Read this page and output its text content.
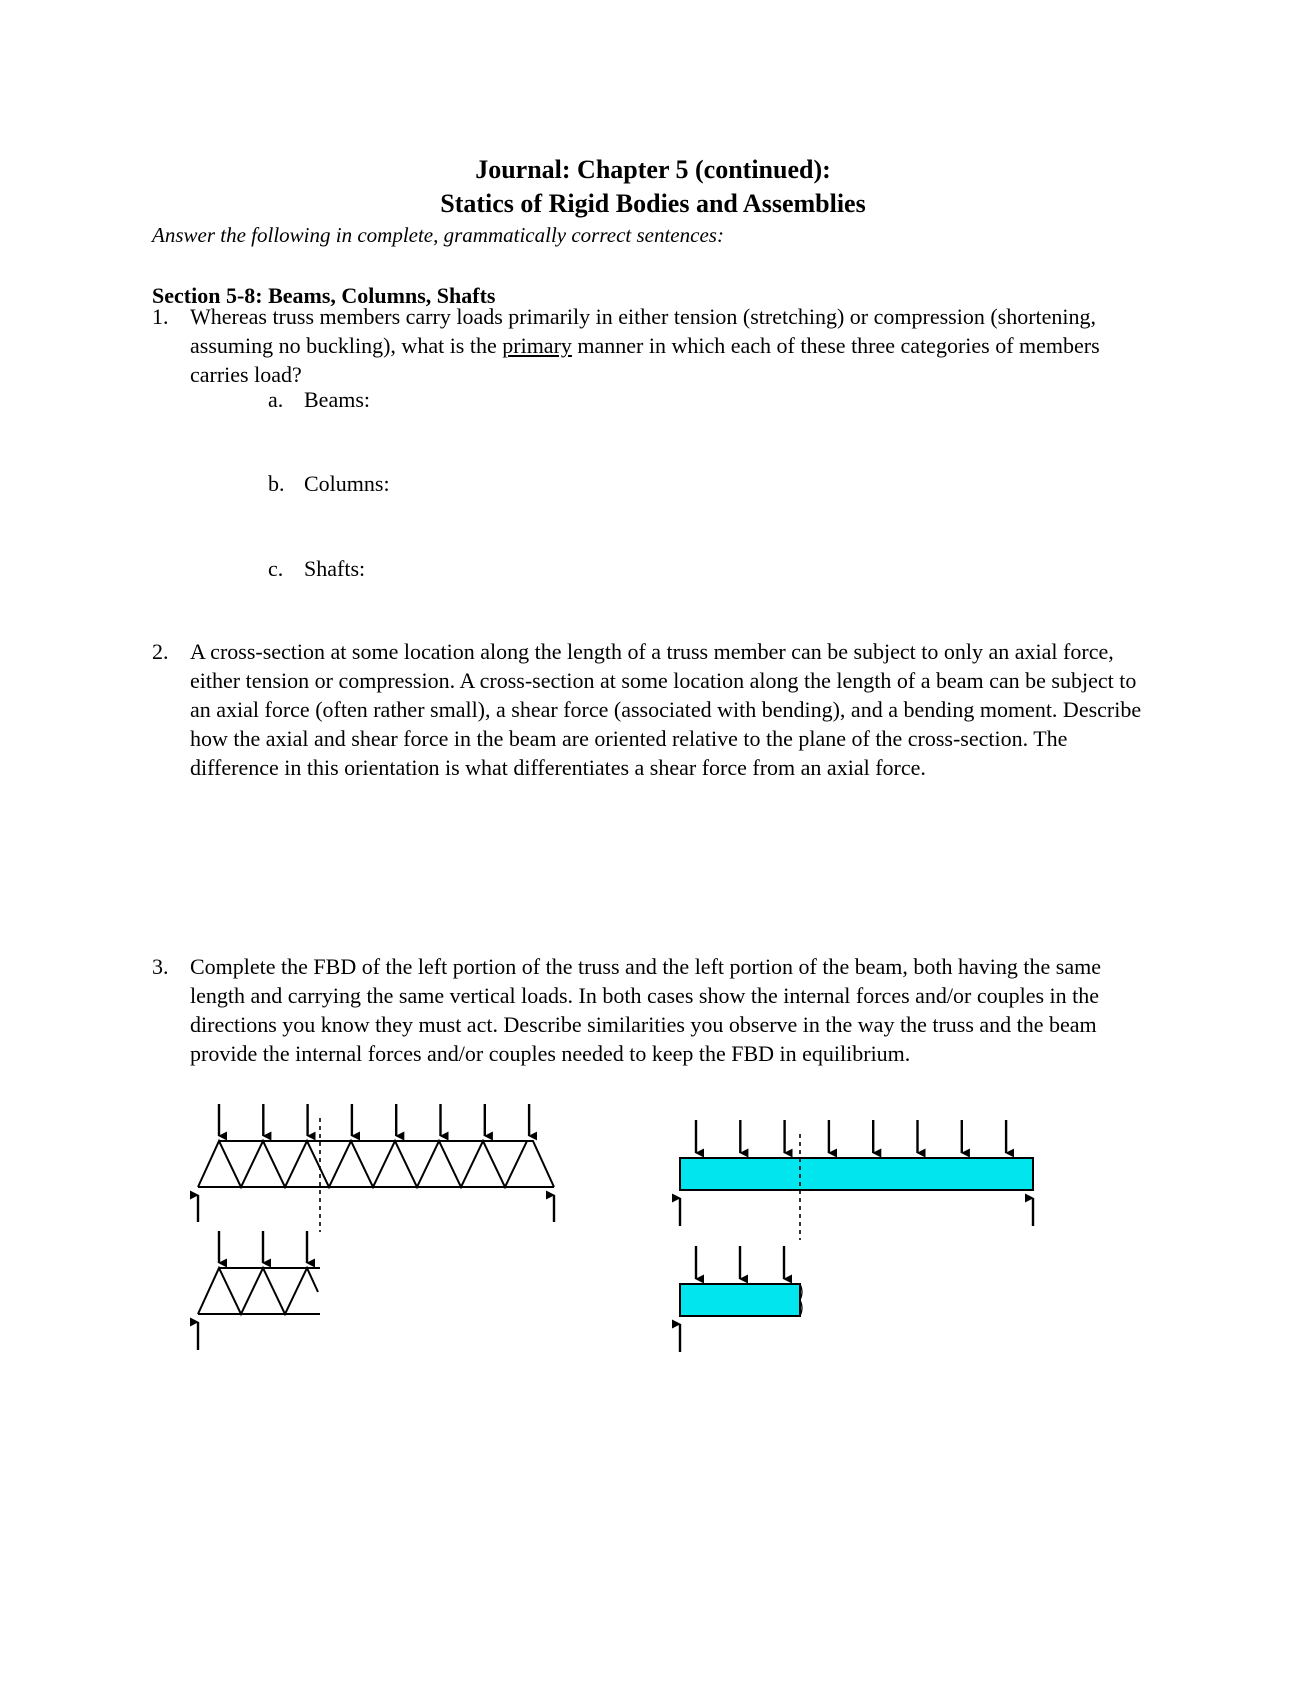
Journal: Chapter 5 (continued):
Statics of Rigid Bodies and Assemblies
Answer the following in complete, grammatically correct sentences:
Section 5-8: Beams, Columns, Shafts
1. Whereas truss members carry loads primarily in either tension (stretching) or compression (shortening, assuming no buckling), what is the primary manner in which each of these three categories of members carries load?
a. Beams:
b. Columns:
c. Shafts:
2. A cross-section at some location along the length of a truss member can be subject to only an axial force, either tension or compression. A cross-section at some location along the length of a beam can be subject to an axial force (often rather small), a shear force (associated with bending), and a bending moment. Describe how the axial and shear force in the beam are oriented relative to the plane of the cross-section. The difference in this orientation is what differentiates a shear force from an axial force.
3. Complete the FBD of the left portion of the truss and the left portion of the beam, both having the same length and carrying the same vertical loads. In both cases show the internal forces and/or couples in the directions you know they must act. Describe similarities you observe in the way the truss and the beam provide the internal forces and/or couples needed to keep the FBD in equilibrium.
